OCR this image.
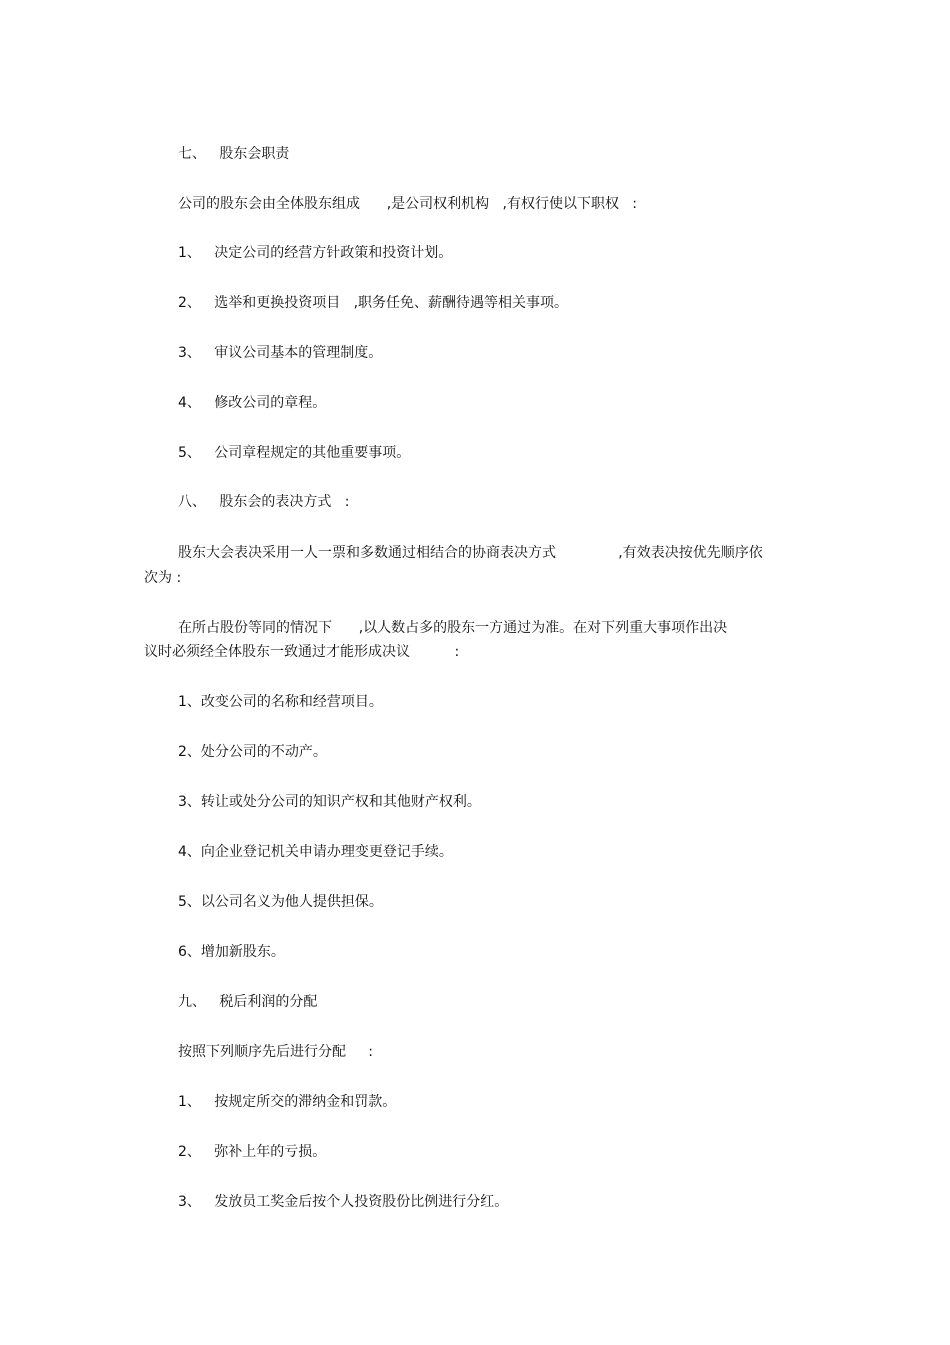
七、   股东会职责
公司的股东会由全体股东组成      ,是公司权利机构   ,有权行使以下职权   :
1、   决定公司的经营方针政策和投资计划。
2、   选举和更换投资项目   ,职务任免、薪酬待遇等相关事项。
3、   审议公司基本的管理制度。
4、   修改公司的章程。
5、   公司章程规定的其他重要事项。
八、   股东会的表决方式   :
股东大会表决采用一人一票和多数通过相结合的协商表决方式              ,有效表决按优先顺序依
次为 :
在所占股份等同的情况下      ,以人数占多的股东一方通过为准。在对下列重大事项作出决
议时必须经全体股东一致通过才能形成决议          :
1、改变公司的名称和经营项目。
2、处分公司的不动产。
3、转让或处分公司的知识产权和其他财产权利。
4、向企业登记机关申请办理变更登记手续。
5、以公司名义为他人提供担保。
6、增加新股东。
九、   税后利润的分配
按照下列顺序先后进行分配     :
1、   按规定所交的滞纳金和罚款。
2、   弥补上年的亏损。
3、   发放员工奖金后按个人投资股份比例进行分红。
